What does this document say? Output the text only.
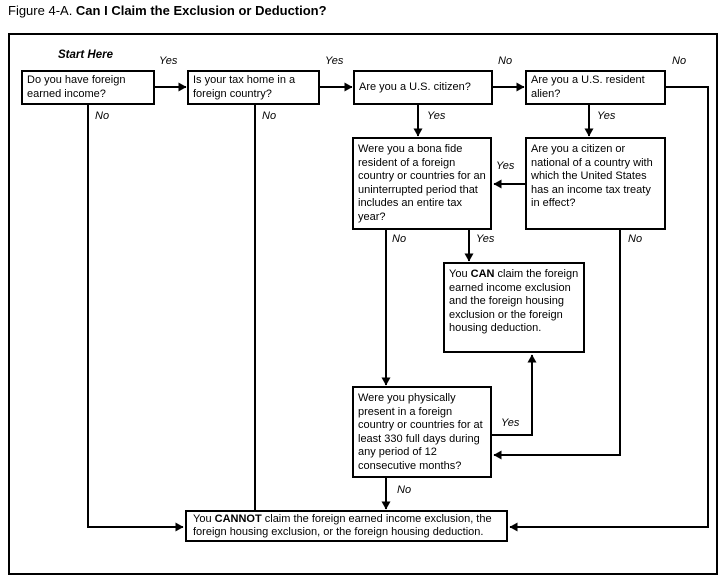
Figure 4-A. Can I Claim the Exclusion or Deduction?
Start Here
Do you have foreign earned income?
Is your tax home in a foreign country?
Are you a U.S. citizen?
Are you a U.S. resident alien?
Were you a bona fide resident of a foreign country or countries for an uninterrupted period that includes an entire tax year?
Are you a citizen or national of a country with which the United States has an income tax treaty in effect?
You CAN claim the foreign earned income exclusion and the foreign housing exclusion or the foreign housing deduction.
Were you physically present in a foreign country or countries for at least 330 full days during any period of 12 consecutive months?
You CANNOT claim the foreign earned income exclusion, the foreign housing exclusion, or the foreign housing deduction.
Yes	Yes	No	No
Yes	Yes
No
No
Yes
No	Yes	No
Yes
No
